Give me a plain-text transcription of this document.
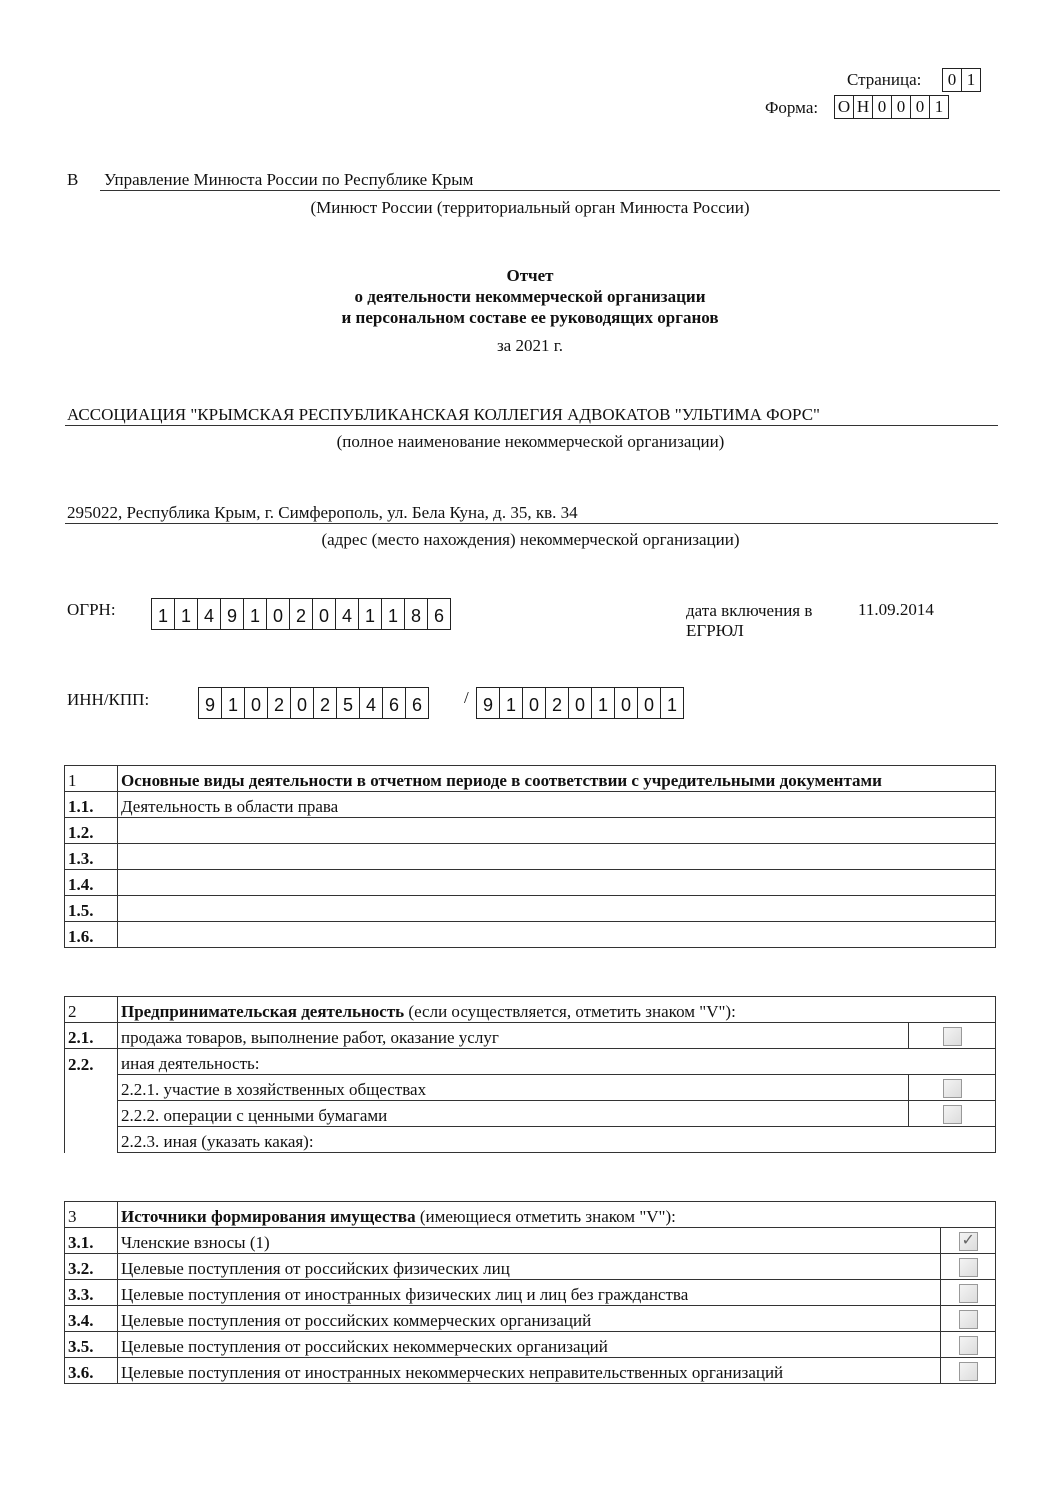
Страница: 0 1
Форма: О Н 0 0 0 1
В Управление Минюста России по Республике Крым
(Минюст России (территориальный орган Минюста России)
Отчет
о деятельности некоммерческой организации
и персональном составе ее руководящих органов
за 2021 г.
АССОЦИАЦИЯ "КРЫМСКАЯ РЕСПУБЛИКАНСКАЯ КОЛЛЕГИЯ АДВОКАТОВ "УЛЬТИМА ФОРС"
(полное наименование некоммерческой организации)
295022, Республика Крым, г. Симферополь, ул. Бела Куна, д. 35, кв. 34
(адрес (место нахождения) некоммерческой организации)
ОГРН:	1 1 4 9 1 0 2 0 4 1 1 8 6	дата включения в
ЕГРЮЛ
11.09.2014
ИНН/КПП:	9 1 0 2 0 2 5 4 6 6	/ 9 1 0 2 0 1 0 0 1
1	Основные виды деятельности в отчетном периоде в соответствии с учредительными документами
1.1.	Деятельность в области права
1.2.	
1.3.	
1.4.	
1.5.	
1.6.	
2	Предпринимательская деятельность (если осуществляется, отметить знаком "V"):	
2.1.	продажа товаров, выполнение работ, оказание услуг	
2.2.	иная деятельность:	
	2.2.1. участие в хозяйственных обществах	
	2.2.2. операции с ценными бумагами	
	2.2.3. иная (указать какая):	
3	Источники формирования имущества (имеющиеся отметить знаком "V"):	
3.1.	Членские взносы (1)	✓

3.2.	Целевые поступления от российских физических лиц	
3.3.	Целевые поступления от иностранных физических лиц и лиц без гражданства	
3.4.	Целевые поступления от российских коммерческих организаций	
3.5.	Целевые поступления от российских некоммерческих организаций	
3.6.	Целевые поступления от иностранных некоммерческих неправительственных организаций	
